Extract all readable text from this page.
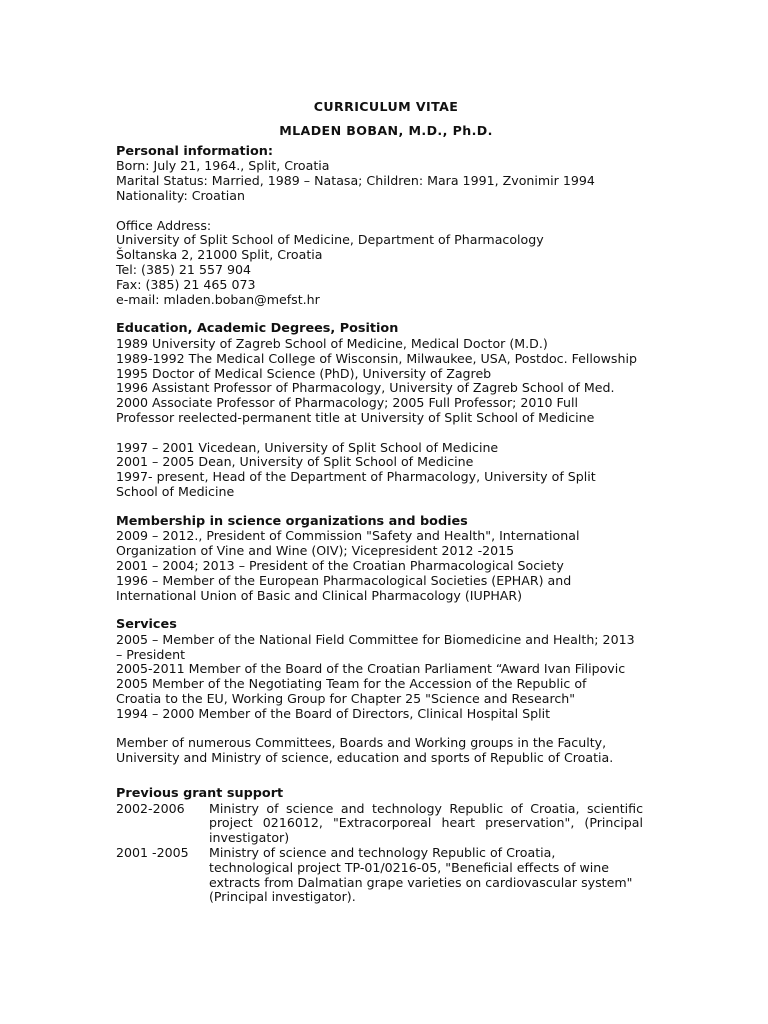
CURRICULUM VITAE
MLADEN BOBAN, M.D., Ph.D.
Personal information:
Born: July 21, 1964., Split, Croatia
Marital Status: Married, 1989 – Natasa; Children: Mara 1991, Zvonimir 1994
Nationality: Croatian
Office Address:
University of Split School of Medicine, Department of Pharmacology
Šoltanska 2, 21000 Split, Croatia
Tel: (385) 21 557 904
Fax: (385) 21 465 073
e-mail: mladen.boban@mefst.hr
Education, Academic Degrees, Position
1989 University of Zagreb School of Medicine, Medical Doctor (M.D.)
1989-1992 The Medical College of Wisconsin, Milwaukee, USA, Postdoc. Fellowship
1995 Doctor of Medical Science (PhD), University of Zagreb
1996 Assistant Professor of Pharmacology, University of Zagreb School of Med.
2000 Associate Professor of Pharmacology; 2005 Full Professor; 2010 Full
Professor reelected-permanent title at University of Split School of Medicine
1997 – 2001 Vicedean, University of Split School of Medicine
2001 – 2005 Dean, University of Split School of Medicine
1997- present, Head of the Department of Pharmacology, University of Split
School of Medicine
Membership in science organizations and bodies
2009 – 2012., President of Commission "Safety and Health", International
Organization of Vine and Wine (OIV); Vicepresident 2012 -2015
2001 – 2004; 2013 – President of the Croatian Pharmacological Society
1996 – Member of the European Pharmacological Societies (EPHAR) and
International Union of Basic and Clinical Pharmacology (IUPHAR)
Services
2005 – Member of the National Field Committee for Biomedicine and Health; 2013
– President
2005-2011 Member of the Board of the Croatian Parliament “Award Ivan Filipovic
2005 Member of the Negotiating Team for the Accession of the Republic of
Croatia to the EU, Working Group for Chapter 25 "Science and Research"
1994 – 2000 Member of the Board of Directors, Clinical Hospital Split
Member of numerous Committees, Boards and Working groups in the Faculty,
University and Ministry of science, education and sports of Republic of Croatia.
Previous grant support
2002-2006	Ministry of science and technology Republic of Croatia, scientific project 0216012, "Extracorporeal heart preservation", (Principal investigator)
2001 -2005	Ministry of science and technology Republic of Croatia, technological project TP-01/0216-05, "Beneficial effects of wine extracts from Dalmatian grape varieties on cardiovascular system" (Principal investigator).
